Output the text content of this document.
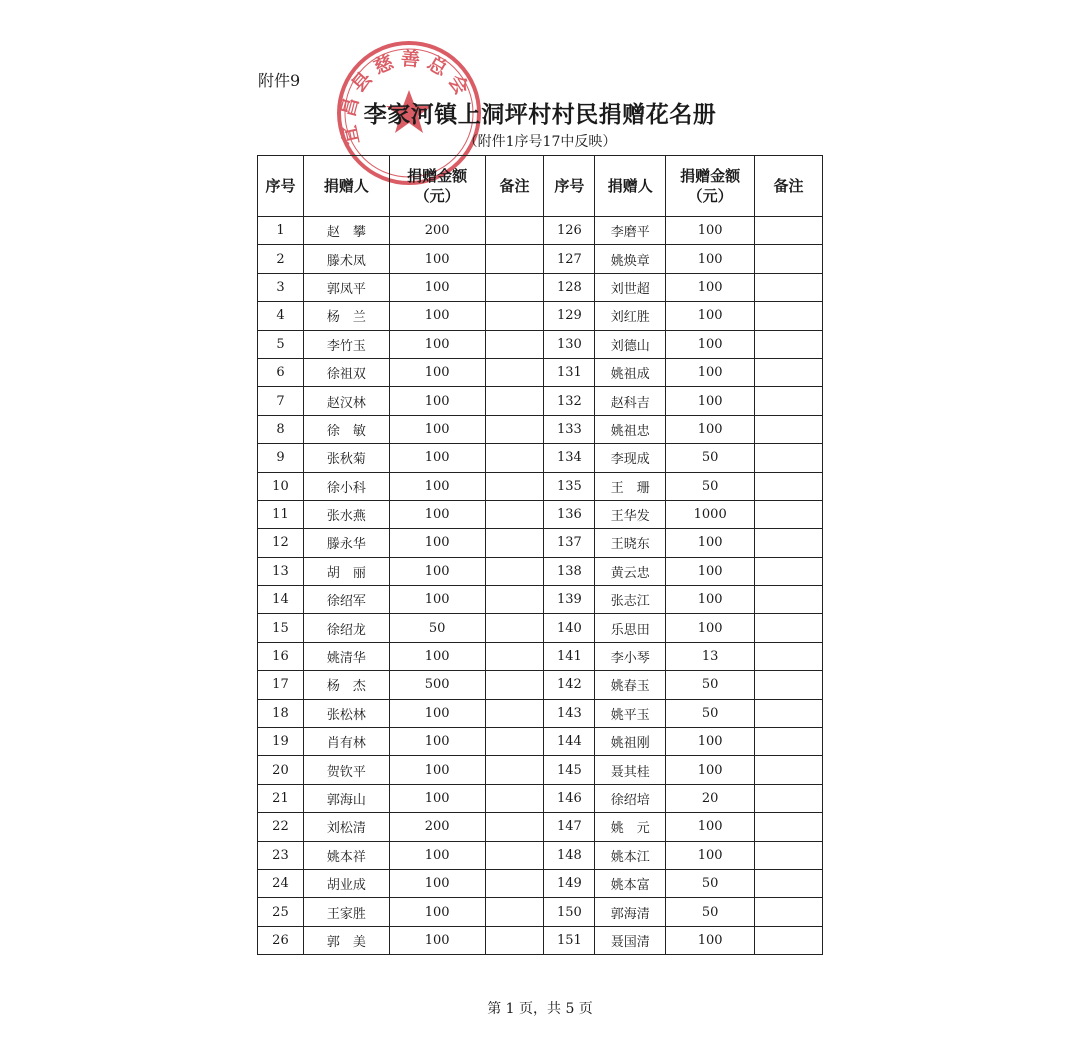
附件9
宜昌县慈善总会
李家河镇上洞坪村村民捐赠花名册
（附件1序号17中反映）
序号	捐赠人	捐赠金额
（元）	备注	序号	捐赠人	捐赠金额
（元）	备注
1	赵　攀	200		126	李磨平	100	
2	滕术凤	100		127	姚焕章	100	
3	郭凤平	100		128	刘世超	100	
4	杨　兰	100		129	刘红胜	100	
5	李竹玉	100		130	刘德山	100	
6	徐祖双	100		131	姚祖成	100	
7	赵汉林	100		132	赵科吉	100	
8	徐　敏	100		133	姚祖忠	100	
9	张秋菊	100		134	李现成	50	
10	徐小科	100		135	王　珊	50	
11	张水燕	100		136	王华发	1000	
12	滕永华	100		137	王晓东	100	
13	胡　丽	100		138	黄云忠	100	
14	徐绍军	100		139	张志江	100	
15	徐绍龙	50		140	乐思田	100	
16	姚清华	100		141	李小琴	13	
17	杨　杰	500		142	姚春玉	50	
18	张松林	100		143	姚平玉	50	
19	肖有林	100		144	姚祖刚	100	
20	贺钦平	100		145	聂其桂	100	
21	郭海山	100		146	徐绍培	20	
22	刘松清	200		147	姚　元	100	
23	姚本祥	100		148	姚本江	100	
24	胡业成	100		149	姚本富	50	
25	王家胜	100		150	郭海清	50	
26	郭　美	100		151	聂国清	100	
第 1 页，共 5 页
